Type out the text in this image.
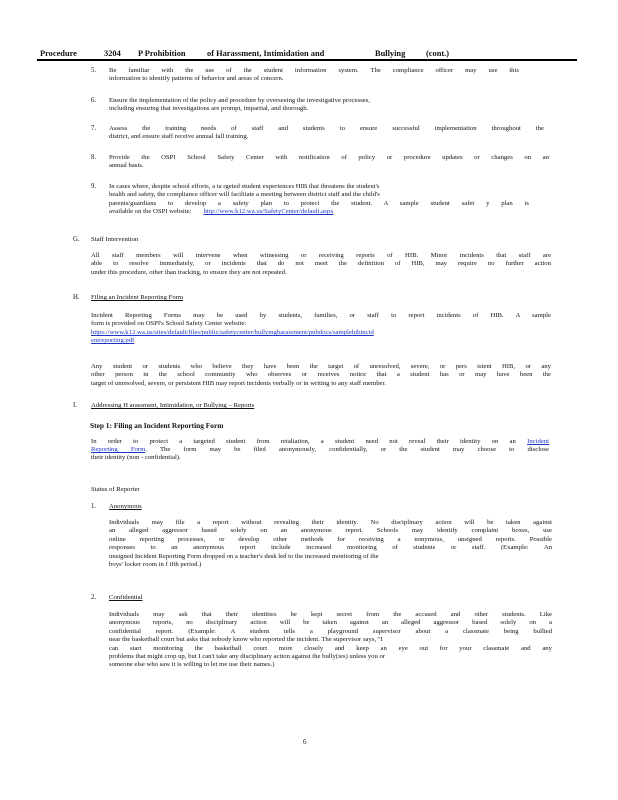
Procedure	3204 P Prohibition	of Harassment, Intimidation and	Bullying (cont.)
5. Be familiar with the use of the student information system. The compliance officer may use this
information to identify patterns of behavior and areas of concern.
6. Ensure the implementation of the policy and procedure by overseeing the investigative processes,
including ensuring that investigations are prompt, impartial, and thorough.
7. Assess the training needs of staff and students to ensure successful implementation throughout the
district, and ensure staff receive annual fall training.
8. Provide the OSPI School Safety Center with notification of policy or procedure updates or changes on an
annual basis.
9. In cases where, despite school efforts, a ta rgeted student experiences HIB that threatens the student's
health and safety, the compliance officer will facilitate a meeting between district staff and the child's
parents/guardians to develop a safety plan to protect the student. A sample student safet y plan is
available on the OSPI website: http://www.k12.wa.us/SafetyCenter/default.aspx
G. Staff Intervention
All staff members will intervene when witnessing or receiving reports of HIB. Minor incidents that staff are
able to resolve immediately, or incidents that do not meet the definition of HIB, may require no further action
under this procedure, other than tracking, to ensure they are not repeated.
H. Filing an Incident Reporting Form
Incident Reporting Forms may be used by students, families, or staff to report incidents of HIB. A sample
form is provided on OSPI's School Safety Center website:
https://www.k12.wa.us/sites/default/files/public/safetycenter/bullyingharassment/pubdocs/samplehibincid
entreporting.pdf
Any student or students who believe they have been the target of unresolved, severe, or pers istent HIB, or any
other person in the school community who observes or receives notice that a student has or may have been the
target of unresolved, severe, or persistent HIB may report incidents verbally or in writing to any staff member.
I. Addressing H arassment, Intimidation, or Bullying – Reports
Step 1: Filing an Incident Reporting Form
In order to protect a targeted student from retaliation, a student need not reveal their identity on an Incident
Reporting Form. The form may be filed anonymously, confidentially, or the student may choose to disclose
their identity (non - confidential).
Status of Reporter
1. Anonymous
Individuals may file a report without revealing their identity. No disciplinary action will be taken against
an alleged aggressor based solely on an anonymous report. Schools may identify complaint boxes, use
online reporting processes, or develop other methods for receiving a nonymous, unsigned reports. Possible
responses to an anonymous report include increased monitoring of students or staff. (Example: An
unsigned Incident Reporting Form dropped on a teacher's desk led to the increased monitoring of the
boys' locker room in f ifth period.)
2. Confidential
Individuals may ask that their identities be kept secret from the accused and other students. Like
anonymous reports, no disciplinary action will be taken against an alleged aggressor based solely on a
confidential report. (Example: A student tells a playground supervisor about a classmate being bullied
near the basketball court but asks that nobody know who reported the incident. The supervisor says, "I
can start monitoring the basketball court more closely and keep an eye out for your classmate and any
problems that might crop up, but I can't take any disciplinary action against the bully(ies) unless you or
someone else who saw it is willing to let me use their names.)
6
